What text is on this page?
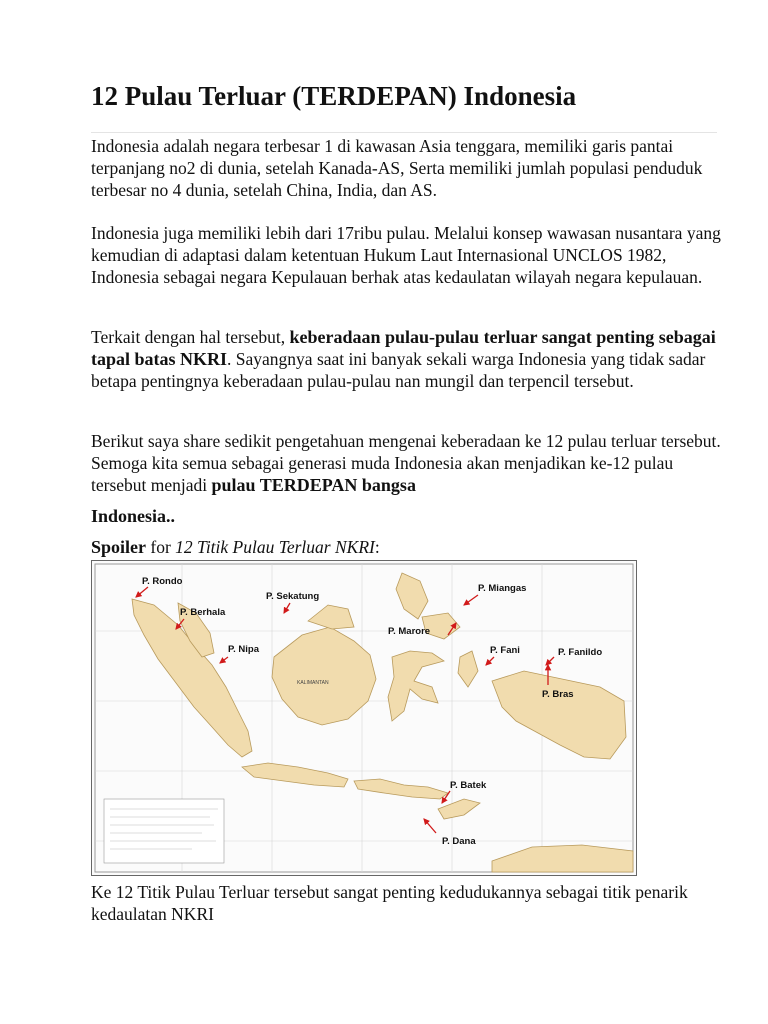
12 Pulau Terluar (TERDEPAN) Indonesia

Indonesia adalah negara terbesar 1 di kawasan Asia tenggara, memiliki garis pantai terpanjang no2 di dunia, setelah Kanada-AS, Serta memiliki jumlah populasi penduduk terbesar no 4 dunia, setelah China, India, dan AS.

Indonesia juga memiliki lebih dari 17ribu pulau. Melalui konsep wawasan nusantara yang kemudian di adaptasi dalam ketentuan Hukum Laut Internasional UNCLOS 1982, Indonesia sebagai negara Kepulauan berhak atas kedaulatan wilayah negara kepulauan.

Terkait dengan hal tersebut, keberadaan pulau-pulau terluar sangat penting sebagai tapal batas NKRI. Sayangnya saat ini banyak sekali warga Indonesia yang tidak sadar betapa pentingnya keberadaan pulau-pulau nan mungil dan terpencil tersebut.

Berikut saya share sedikit pengetahuan mengenai keberadaan ke 12 pulau terluar tersebut. Semoga kita semua sebagai generasi muda Indonesia akan menjadikan ke-12 pulau tersebut menjadi pulau TERDEPAN bangsa

Indonesia..

Spoiler for 12 Titik Pulau Terluar NKRI:

KALIMANTAN
P. Rondo
P. Sekatung
P. Miangas
P. Berhala
P. Marore
P. Nipa	P. Fani	P. Fanildo
P. Bras
P. Batek
P. Dana

Ke 12 Titik Pulau Terluar tersebut sangat penting kedudukannya sebagai titik penarik kedaulatan NKRI
